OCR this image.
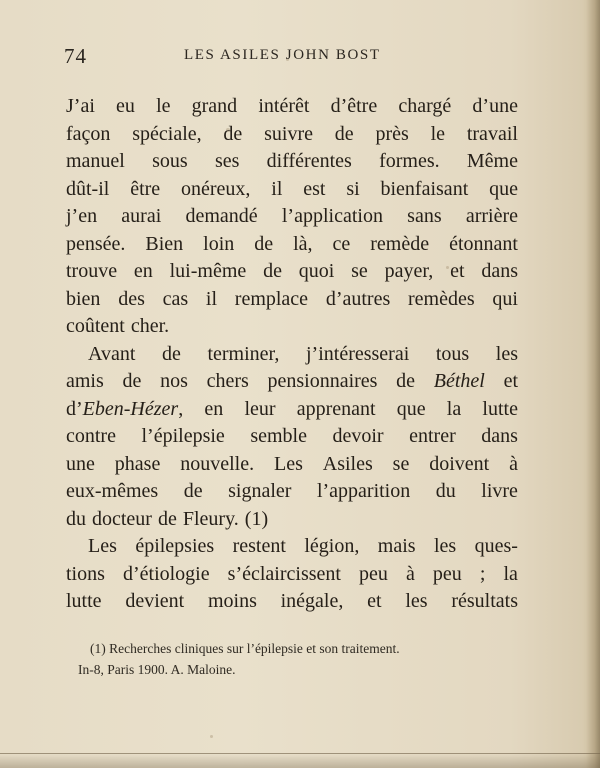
74	LES ASILES JOHN BOST
J’ai eu le grand intérêt d’être chargé d’une
façon spéciale, de suivre de près le travail
manuel sous ses différentes formes. Même
dût-il être onéreux, il est si bienfaisant que
j’en aurai demandé l’application sans arrière
pensée. Bien loin de là, ce remède étonnant
trouve en lui-même de quoi se payer, et dans
bien des cas il remplace d’autres remèdes qui
coûtent cher.
Avant de terminer, j’intéresserai tous les
amis de nos chers pensionnaires de Béthel et
d’Eben-Hézer, en leur apprenant que la lutte
contre l’épilepsie semble devoir entrer dans
une phase nouvelle. Les Asiles se doivent à
eux-mêmes de signaler l’apparition du livre
du docteur de Fleury. (1)
Les épilepsies restent légion, mais les ques-
tions d’étiologie s’éclaircissent peu à peu ; la
lutte devient moins inégale, et les résultats
(1) Recherches cliniques sur l’épilepsie et son traitement.
In-8, Paris 1900. A. Maloine.
